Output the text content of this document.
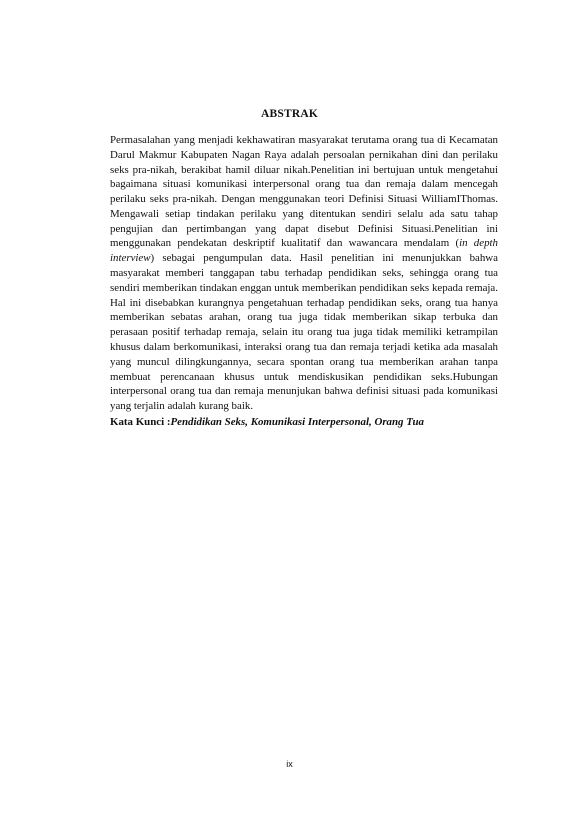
ABSTRAK

Permasalahan yang menjadi kekhawatiran masyarakat terutama orang tua di Kecamatan Darul Makmur Kabupaten Nagan Raya adalah persoalan pernikahan dini dan perilaku seks pra-nikah, berakibat hamil diluar nikah.Penelitian ini bertujuan untuk mengetahui bagaimana situasi komunikasi interpersonal orang tua dan remaja dalam mencegah perilaku seks pra-nikah. Dengan menggunakan teori Definisi Situasi WilliamIThomas. Mengawali setiap tindakan perilaku yang ditentukan sendiri selalu ada satu tahap pengujian dan pertimbangan yang dapat disebut Definisi Situasi.Penelitian ini menggunakan pendekatan deskriptif kualitatif dan wawancara mendalam (in depth interview) sebagai pengumpulan data. Hasil penelitian ini menunjukkan bahwa masyarakat memberi tanggapan tabu terhadap pendidikan seks, sehingga orang tua sendiri memberikan tindakan enggan untuk memberikan pendidikan seks kepada remaja. Hal ini disebabkan kurangnya pengetahuan terhadap pendidikan seks, orang tua hanya memberikan sebatas arahan, orang tua juga tidak memberikan sikap terbuka dan perasaan positif terhadap remaja, selain itu orang tua juga tidak memiliki ketrampilan khusus dalam berkomunikasi, interaksi orang tua dan remaja terjadi ketika ada masalah yang muncul dilingkungannya, secara spontan orang tua memberikan arahan tanpa membuat perencanaan khusus untuk mendiskusikan pendidikan seks.Hubungan interpersonal orang tua dan remaja menunjukan bahwa definisi situasi pada komunikasi yang terjalin adalah kurang baik.

Kata Kunci :Pendidikan Seks, Komunikasi Interpersonal, Orang Tua

ix
